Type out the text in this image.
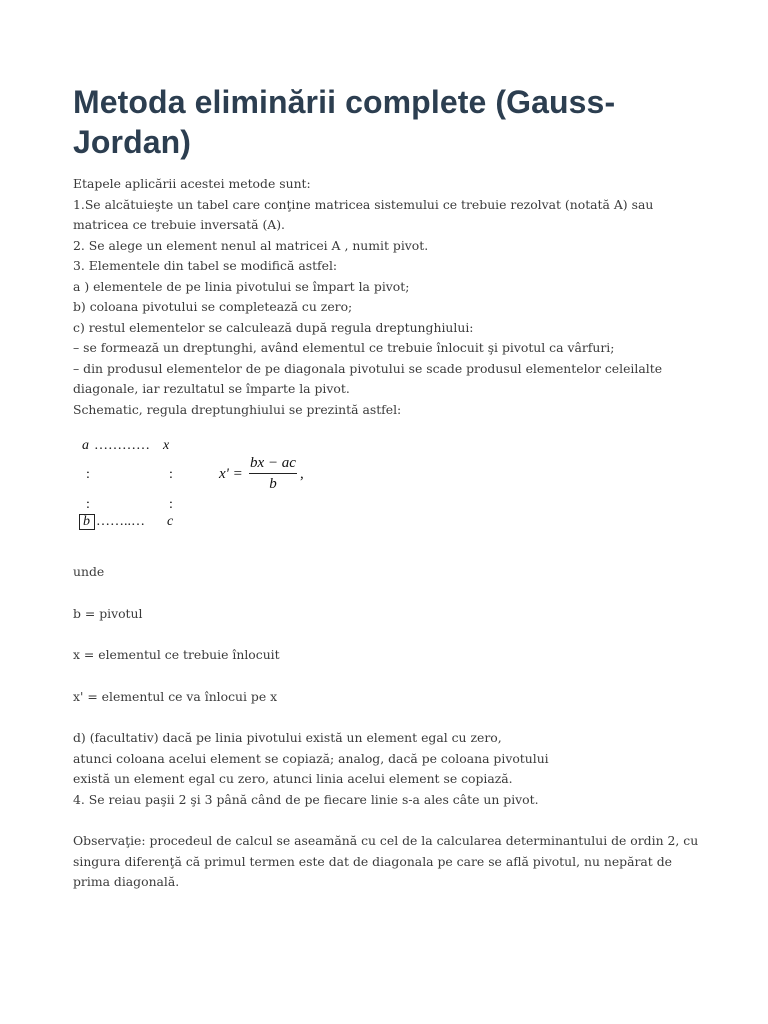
Metoda eliminării complete (Gauss-Jordan)
Etapele aplicării acestei metode sunt:
1.Se alcătuieşte un tabel care conţine matricea sistemului ce trebuie rezolvat (notată A) sau
matricea ce trebuie inversată (A).
2. Se alege un element nenul al matricei A , numit pivot.
3. Elementele din tabel se modifică astfel:
a ) elementele de pe linia pivotului se împart la pivot;
b) coloana pivotului se completează cu zero;
c) restul elementelor se calculează după regula dreptunghiului:
– se formează un dreptunghi, având elementul ce trebuie înlocuit şi pivotul ca vârfuri;
– din produsul elementelor de pe diagonala pivotului se scade produsul elementelor celeilalte
diagonale, iar rezultatul se împarte la pivot.
Schematic, regula dreptunghiului se prezintă astfel:
a ………… x
:	:
:	:
b ……..… c
x' =
bx − ac
b
,
unde
b = pivotul
x = elementul ce trebuie înlocuit
x' = elementul ce va înlocui pe x
d) (facultativ) dacă pe linia pivotului există un element egal cu zero,
atunci coloana acelui element se copiază; analog, dacă pe coloana pivotului
există un element egal cu zero, atunci linia acelui element se copiază.
4. Se reiau paşii 2 şi 3 până când de pe fiecare linie s-a ales câte un pivot.
Observaţie: procedeul de calcul se aseamănă cu cel de la calcularea determinantului de ordin 2, cu
singura diferenţă că primul termen este dat de diagonala pe care se află pivotul, nu nepărat de
prima diagonală.
